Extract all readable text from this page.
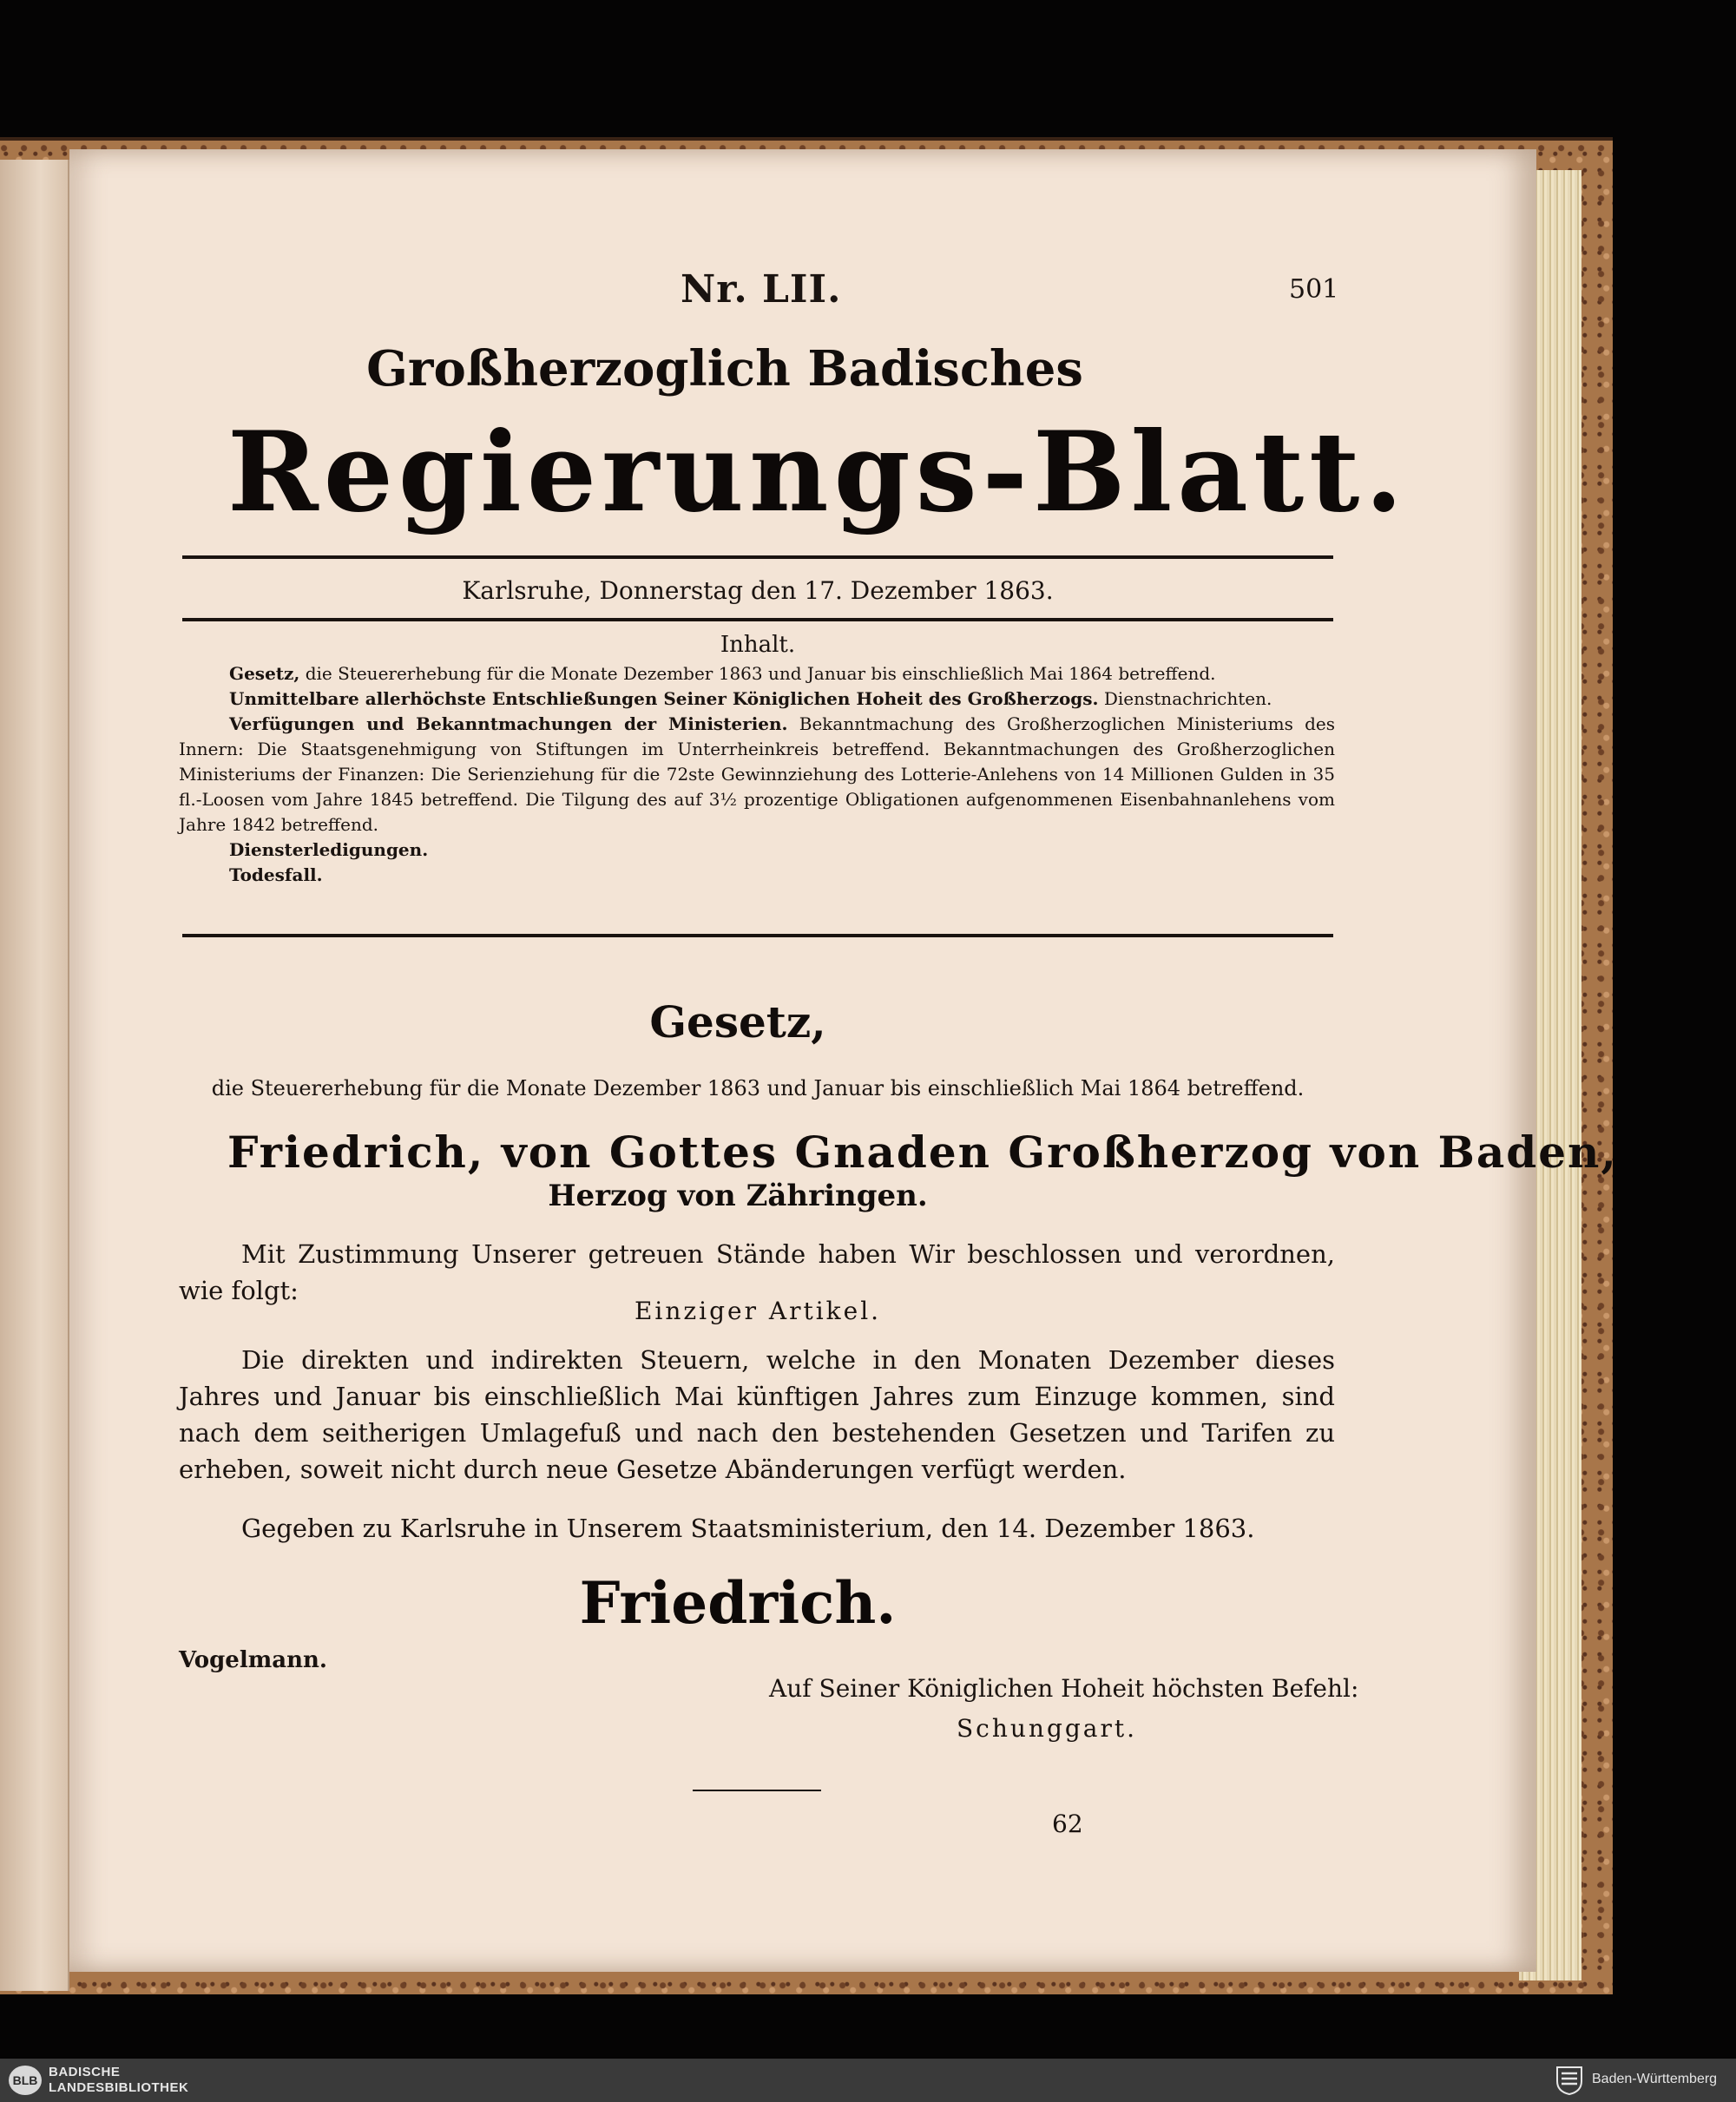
Nr. LII.	501
Großherzoglich Badisches
Regierungs-Blatt.
Karlsruhe, Donnerstag den 17. Dezember 1863.
Inhalt.

Gesetz, die Steuererhebung für die Monate Dezember 1863 und Januar bis einschließlich Mai 1864 betreffend.

Unmittelbare allerhöchste Entschließungen Seiner Königlichen Hoheit des Großherzogs. Dienstnachrichten.

Verfügungen und Bekanntmachungen der Ministerien. Bekanntmachung des Großherzoglichen Ministeriums des Innern: Die Staatsgenehmigung von Stiftungen im Unterrheinkreis betreffend. Bekanntmachungen des Großherzoglichen Ministeriums der Finanzen: Die Serienziehung für die 72ste Gewinnziehung des Lotterie-Anlehens von 14 Millionen Gulden in 35 fl.-Loosen vom Jahre 1845 betreffend. Die Tilgung des auf 3½ prozentige Obligationen aufgenommenen Eisenbahnanlehens vom Jahre 1842 betreffend.

Diensterledigungen.

Todesfall.

Gesetz,
die Steuererhebung für die Monate Dezember 1863 und Januar bis einschließlich Mai 1864 betreffend.
Friedrich, von Gottes Gnaden Großherzog von Baden,
Herzog von Zähringen.
Mit Zustimmung Unserer getreuen Stände haben Wir beschlossen und verordnen, wie folgt:
Einziger Artikel.
Die direkten und indirekten Steuern, welche in den Monaten Dezember dieses Jahres und Januar bis einschließlich Mai künftigen Jahres zum Einzuge kommen, sind nach dem seitherigen Umlagefuß und nach den bestehenden Gesetzen und Tarifen zu erheben, soweit nicht durch neue Gesetze Abänderungen verfügt werden.
Gegeben zu Karlsruhe in Unserem Staatsministerium, den 14. Dezember 1863.
Friedrich.
Vogelmann.
Auf Seiner Königlichen Hoheit höchsten Befehl:
Schunggart.
62
BLB
BADISCHE
LANDESBIBLIOTHEK
Baden-Württemberg
